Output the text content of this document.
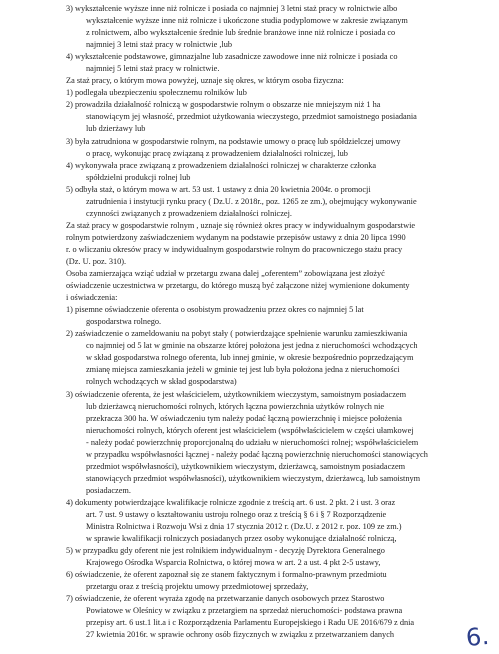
3) wykształcenie wyższe inne niż rolnicze i posiada co najmniej 3 letni staż pracy w rolnictwie albo
wykształcenie wyższe inne niż rolnicze i ukończone studia podyplomowe w zakresie związanym
z rolnictwem, albo wykształcenie średnie lub średnie branżowe inne niż rolnicze i posiada co
najmniej 3 letni staż pracy w rolnictwie ,lub
4) wykształcenie podstawowe, gimnazjalne lub zasadnicze zawodowe inne niż rolnicze i posiada co
najmniej 5 letni staż pracy w rolnictwie.
Za staż pracy, o którym mowa powyżej, uznaje się okres, w którym osoba fizyczna:
1) podlegała ubezpieczeniu społecznemu rolników lub
2) prowadziła działalność rolniczą w gospodarstwie rolnym o obszarze nie mniejszym niż 1 ha
stanowiącym jej własność, przedmiot użytkowania wieczystego, przedmiot samoistnego posiadania
lub dzierżawy lub
3) była zatrudniona w gospodarstwie rolnym, na podstawie umowy o pracę lub spółdzielczej umowy
o pracę, wykonując pracę związaną z prowadzeniem działalności rolniczej, lub
4) wykonywała prace związaną z prowadzeniem działalności rolniczej w charakterze członka
spółdzielni produkcji rolnej lub
5) odbyła staż, o którym mowa w art. 53 ust. 1 ustawy z dnia 20 kwietnia 2004r. o promocji
zatrudnienia i instytucji rynku pracy ( Dz.U. z 2018r., poz. 1265 ze zm.), obejmujący wykonywanie
czynności związanych z prowadzeniem działalności rolniczej.
Za staż pracy w gospodarstwie rolnym , uznaje się również okres pracy w indywidualnym gospodarstwie
rolnym potwierdzony zaświadczeniem wydanym na podstawie przepisów ustawy z dnia 20 lipca 1990
r. o wliczaniu okresów pracy w indywidualnym gospodarstwie rolnym do pracowniczego stażu pracy
(Dz. U. poz. 310).
Osoba zamierzająca wziąć udział w przetargu zwana dalej „oferentem” zobowiązana jest złożyć
oświadczenie uczestnictwa w przetargu, do którego muszą być załączone niżej wymienione dokumenty
i oświadczenia:
1) pisemne oświadczenie oferenta o osobistym prowadzeniu przez okres co najmniej 5 lat
gospodarstwa rolnego.
2) zaświadczenie o zameldowaniu na pobyt stały ( potwierdzające spełnienie warunku zamieszkiwania
co najmniej od 5 lat w gminie na obszarze której położona jest jedna z nieruchomości wchodzących
w skład gospodarstwa rolnego oferenta, lub innej gminie, w okresie bezpośrednio poprzedzającym
zmianę miejsca zamieszkania jeżeli w gminie tej jest lub była położona jedna z nieruchomości
rolnych wchodzących w skład gospodarstwa)
3) oświadczenie oferenta, że jest właścicielem, użytkownikiem wieczystym, samoistnym posiadaczem
lub dzierżawcą nieruchomości rolnych, których łączna powierzchnia użytków rolnych nie
przekracza 300 ha. W oświadczeniu tym należy podać łączną powierzchnię i miejsce położenia
nieruchomości rolnych, których oferent jest właścicielem (współwłaścicielem w części ułamkowej
- należy podać powierzchnię proporcjonalną do udziału w nieruchomości rolnej; współwłaścicielem
w przypadku współwłasności łącznej - należy podać łączną powierzchnię nieruchomości stanowiących
przedmiot współwłasności), użytkownikiem wieczystym, dzierżawcą, samoistnym posiadaczem
stanowiących przedmiot współwłasności), użytkownikiem wieczystym, dzierżawcą, lub samoistnym
posiadaczem.
4) dokumenty potwierdzające kwalifikacje rolnicze zgodnie z treścią art. 6 ust. 2 pkt. 2 i ust. 3 oraz
art. 7 ust. 9 ustawy o kształtowaniu ustroju rolnego oraz z treścią § 6 i § 7 Rozporządzenie
Ministra Rolnictwa i Rozwoju Wsi z dnia 17 stycznia 2012 r. (Dz.U. z 2012 r. poz. 109 ze zm.)
w sprawie kwalifikacji rolniczych posiadanych przez osoby wykonujące działalność rolniczą,
5) w przypadku gdy oferent nie jest rolnikiem indywidualnym - decyzję Dyrektora Generalnego
Krajowego Ośrodka Wsparcia Rolnictwa, o której mowa w art. 2 a ust. 4 pkt 2-5 ustawy,
6) oświadczenie, że oferent zapoznał się ze stanem faktycznym i formalno-prawnym przedmiotu
przetargu oraz z treścią projektu umowy przedmiotowej sprzedaży,
7) oświadczenie, że oferent wyraża zgodę na przetwarzanie danych osobowych przez Starostwo
Powiatowe w Oleśnicy w związku z przetargiem na sprzedaż nieruchomości- podstawa prawna
przepisy art. 6 ust.1 lit.a i c Rozporządzenia Parlamentu Europejskiego i Radu UE 2016/679 z dnia
27 kwietnia 2016r. w sprawie ochrony osób fizycznych w związku z przetwarzaniem danych	6.
